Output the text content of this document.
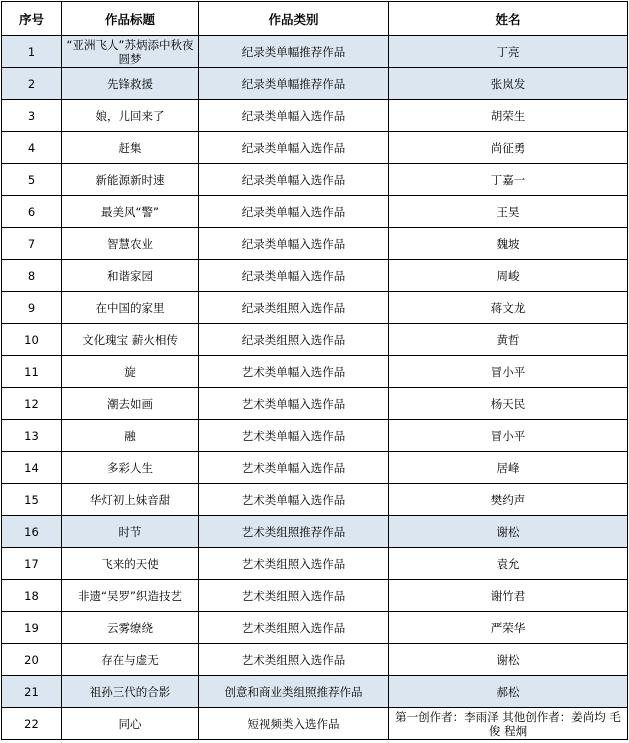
序号	作品标题	作品类别	姓名
1	“亚洲飞人”苏炳添中秋夜圆梦	纪录类单幅推荐作品	丁亮
2	先锋救援	纪录类单幅推荐作品	张岚发
3	娘，儿回来了	纪录类单幅入选作品	胡荣生
4	赶集	纪录类单幅入选作品	尚征勇
5	新能源新时速	纪录类单幅入选作品	丁嘉一
6	最美风“警”	纪录类单幅入选作品	王昊
7	智慧农业	纪录类单幅入选作品	魏坡
8	和谐家园	纪录类单幅入选作品	周峻
9	在中国的家里	纪录类组照入选作品	蒋文龙
10	文化瑰宝 薪火相传	纪录类组照入选作品	黄哲
11	旋	艺术类单幅入选作品	冒小平
12	潮去如画	艺术类单幅入选作品	杨天民
13	融	艺术类单幅入选作品	冒小平
14	多彩人生	艺术类单幅入选作品	居峰
15	华灯初上妹音甜	艺术类单幅入选作品	樊约声
16	时节	艺术类组照推荐作品	谢松
17	飞来的天使	艺术类组照入选作品	袁允
18	非遗“吴罗”织造技艺	艺术类组照入选作品	谢竹君
19	云雾缭绕	艺术类组照入选作品	严荣华
20	存在与虚无	艺术类组照入选作品	谢松
21	祖孙三代的合影	创意和商业类组照推荐作品	郝松
22	同心	短视频类入选作品	第一创作者：李雨泽 其他创作者：姜尚均 毛俊 程炯
